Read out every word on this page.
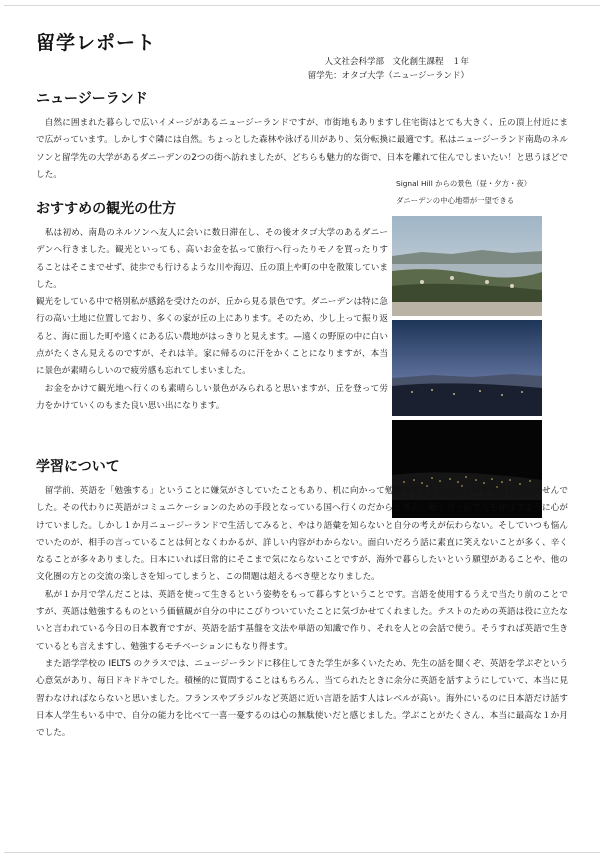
留学レポート
人文社会科学部　文化創生課程　１年
留学先：オタゴ大学（ニュージーランド）
ニュージーランド
　自然に囲まれた暮らしで広いイメージがあるニュージーランドですが、市街地もありますし住宅街はとても大きく、丘の頂上付近にまで広がっています。しかしすぐ隣には自然。ちょっとした森林や泳げる川があり、気分転換に最適です。私はニュージーランド南島のネルソンと留学先の大学があるダニーデンの2つの街へ訪れましたが、どちらも魅力的な街で、日本を離れて住んでしまいたい！と思うほどでした。
おすすめの観光の仕方
　私は初め、南島のネルソンへ友人に会いに数日滞在し、その後オタゴ大学のあるダニーデンへ行きました。観光といっても、高いお金を払って旅行へ行ったりモノを買ったりすることはそこまでせず、徒歩でも行けるような川や海辺、丘の頂上や町の中を散策していました。
観光をしている中で格別私が感銘を受けたのが、丘から見る景色です。ダニーデンは特に急行の高い土地に位置しており、多くの家が丘の上にあります。そのため、少し上って振り返ると、海に面した町や遠くにある広い農地がはっきりと見えます。—遠くの野原の中に白い点がたくさん見えるのですが、それは羊。家に帰るのに汗をかくことになりますが、本当に景色が素晴らしいので疲労感も忘れてしまいました。
　お金をかけて観光地へ行くのも素晴らしい景色がみられると思いますが、丘を登って労力をかけていくのもまた良い思い出になります。
Signal Hill からの景色（昼・夕方・夜）
ダニーデンの中心地帯が一望できる
学習について
　留学前、英語を「勉強する」ということに嫌気がさしていたこともあり、机に向かって勉強をするということはあまりしていませんでした。その代わりに英語がコミュニケーションのための手段となっている国へ行くのだからと考え、聴く力・話す力を伸ばすように心がけていました。しかし１か月ニュージーランドで生活してみると、やはり語彙を知らないと自分の考えが伝わらない。そしていつも悩んでいたのが、相手の言っていることは何となくわかるが、詳しい内容がわからない。面白いだろう話に素直に笑えないことが多く、辛くなることが多々ありました。日本にいれば日常的にそこまで気にならないことですが、海外で暮らしたいという願望があることや、他の文化圏の方との交流の楽しさを知ってしまうと、この問題は超えるべき壁となりました。
　私が１か月で学んだことは、英語を使って生きるという姿勢をもって暮らすということです。言語を使用するうえで当たり前のことですが、英語は勉強するものという価値観が自分の中にこびりついていたことに気づかせてくれました。テストのための英語は役に立たないと言われている今日の日本教育ですが、英語を話す基盤を文法や単語の知識で作り、それを人との会話で使う。そうすれば英語で生きているとも言えますし、勉強するモチベーションにもなり得ます。
　また語学学校の IELTS のクラスでは、ニュージーランドに移住してきた学生が多くいたため、先生の話を聞くぞ、英語を学ぶぞという心意気があり、毎日ドキドキでした。積極的に質問することはもちろん、当てられたときに余分に英語を話すようにしていて、本当に見習わなければならないと思いました。フランスやブラジルなど英語に近い言語を話す人はレベルが高い。海外にいるのに日本語だけ話す日本人学生もいる中で、自分の能力を比べて一喜一憂するのは心の無駄使いだと感じました。学ぶことがたくさん、本当に最高な１か月でした。
